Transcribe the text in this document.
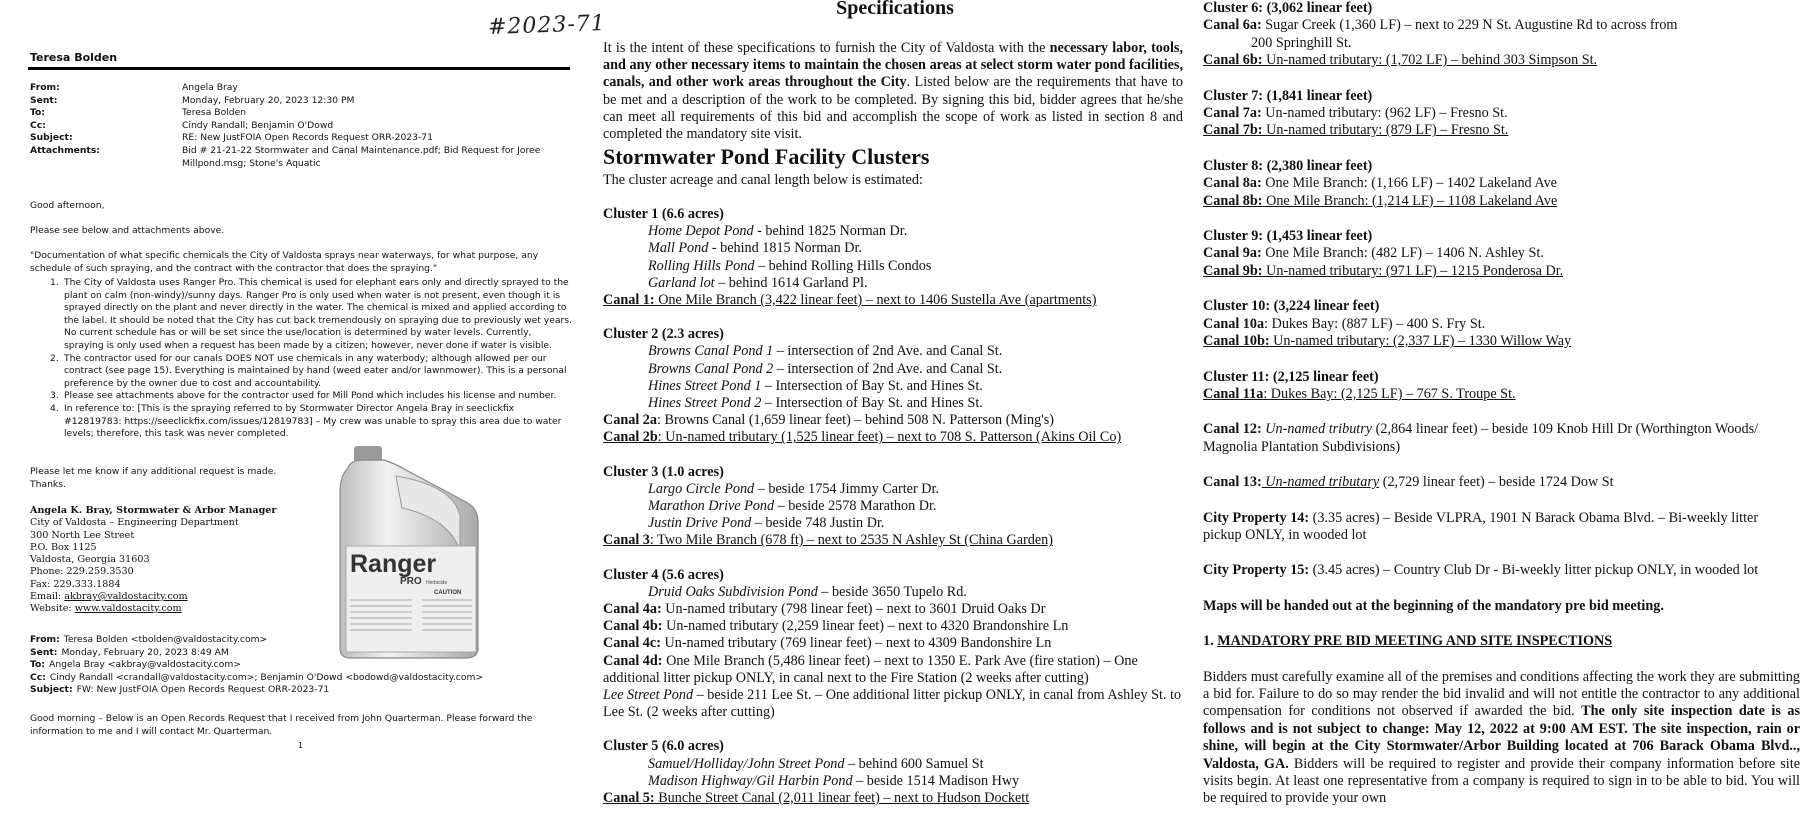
#2023-71
Teresa Bolden
From:	Angela Bray
Sent:	Monday, February 20, 2023 12:30 PM
To:	Teresa Bolden
Cc:	Cindy Randall; Benjamin O'Dowd
Subject:	RE: New JustFOIA Open Records Request ORR-2023-71
Attachments:	Bid # 21-21-22 Stormwater and Canal Maintenance.pdf; Bid Request for Joree Millpond.msg; Stone's Aquatic
Good afternoon,
Please see below and attachments above.
"Documentation of what specific chemicals the City of Valdosta sprays near waterways, for what purpose, any schedule of such spraying, and the contract with the contractor that does the spraying."
1. The City of Valdosta uses Ranger Pro. This chemical is used for elephant ears only and directly sprayed to the plant on calm (non-windy)/sunny days. Ranger Pro is only used when water is not present, even though it is sprayed directly on the plant and never directly in the water. The chemical is mixed and applied according to the label. It should be noted that the City has cut back tremendously on spraying due to previously wet years. No current schedule has or will be set since the use/location is determined by water levels. Currently, spraying is only used when a request has been made by a citizen; however, never done if water is visible.
2. The contractor used for our canals DOES NOT use chemicals in any waterbody; although allowed per our contract (see page 15). Everything is maintained by hand (weed eater and/or lawnmower). This is a personal preference by the owner due to cost and accountability.
3. Please see attachments above for the contractor used for Mill Pond which includes his license and number.
4. In reference to: [This is the spraying referred to by Stormwater Director Angela Bray in seeclickfix #12819783: https://seeclickfix.com/issues/12819783] – My crew was unable to spray this area due to water levels; therefore, this task was never completed.
Please let me know if any additional request is made.
Thanks.
Angela K. Bray, Stormwater & Arbor Manager
City of Valdosta – Engineering Department
300 North Lee Street
P.O. Box 1125
Valdosta, Georgia 31603
Phone: 229.259.3530
Fax: 229.333.1884
Email: akbray@valdostacity.com
Website: www.valdostacity.com
Ranger
PRO Herbicide
CAUTION
From: Teresa Bolden <tbolden@valdostacity.com>
Sent: Monday, February 20, 2023 8:49 AM
To: Angela Bray <akbray@valdostacity.com>
Cc: Cindy Randall <crandall@valdostacity.com>; Benjamin O'Dowd <bodowd@valdostacity.com>
Subject: FW: New JustFOIA Open Records Request ORR-2023-71
Good morning – Below is an Open Records Request that I received from John Quarterman. Please forward the information to me and I will contact Mr. Quarterman.
1
Specifications
It is the intent of these specifications to furnish the City of Valdosta with the necessary labor, tools, and any other necessary items to maintain the chosen areas at select storm water pond facilities, canals, and other work areas throughout the City. Listed below are the requirements that have to be met and a description of the work to be completed. By signing this bid, bidder agrees that he/she can meet all requirements of this bid and accomplish the scope of work as listed in section 8 and completed the mandatory site visit.
Stormwater Pond Facility Clusters
The cluster acreage and canal length below is estimated:
Cluster 1 (6.6 acres)
Home Depot Pond - behind 1825 Norman Dr.
Mall Pond - behind 1815 Norman Dr.
Rolling Hills Pond – behind Rolling Hills Condos
Garland lot – behind 1614 Garland Pl.
Canal 1: One Mile Branch (3,422 linear feet) – next to 1406 Sustella Ave (apartments)
Cluster 2 (2.3 acres)
Browns Canal Pond 1 – intersection of 2nd Ave. and Canal St.
Browns Canal Pond 2 – intersection of 2nd Ave. and Canal St.
Hines Street Pond 1 – Intersection of Bay St. and Hines St.
Hines Street Pond 2 – Intersection of Bay St. and Hines St.
Canal 2a: Browns Canal (1,659 linear feet) – behind 508 N. Patterson (Ming's)
Canal 2b: Un-named tributary (1,525 linear feet) – next to 708 S. Patterson (Akins Oil Co)
Cluster 3 (1.0 acres)
Largo Circle Pond – beside 1754 Jimmy Carter Dr.
Marathon Drive Pond – beside 2578 Marathon Dr.
Justin Drive Pond – beside 748 Justin Dr.
Canal 3: Two Mile Branch (678 ft) – next to 2535 N Ashley St (China Garden)
Cluster 4 (5.6 acres)
Druid Oaks Subdivision Pond – beside 3650 Tupelo Rd.
Canal 4a: Un-named tributary (798 linear feet) – next to 3601 Druid Oaks Dr
Canal 4b: Un-named tributary (2,259 linear feet) – next to 4320 Brandonshire Ln
Canal 4c: Un-named tributary (769 linear feet) – next to 4309 Bandonshire Ln
Canal 4d: One Mile Branch (5,486 linear feet) – next to 1350 E. Park Ave (fire station) – One additional litter pickup ONLY, in canal next to the Fire Station (2 weeks after cutting)
Lee Street Pond – beside 211 Lee St. – One additional litter pickup ONLY, in canal from Ashley St. to Lee St. (2 weeks after cutting)
Cluster 5 (6.0 acres)
Samuel/Holliday/John Street Pond – behind 600 Samuel St
Madison Highway/Gil Harbin Pond – beside 1514 Madison Hwy
Canal 5: Bunche Street Canal (2,011 linear feet) – next to Hudson Dockett
Cluster 6: (3,062 linear feet)
Canal 6a: Sugar Creek (1,360 LF) – next to 229 N St. Augustine Rd to across from
200 Springhill St.
Canal 6b: Un-named tributary: (1,702 LF) – behind 303 Simpson St.
Cluster 7: (1,841 linear feet)
Canal 7a: Un-named tributary: (962 LF) – Fresno St.
Canal 7b: Un-named tributary: (879 LF) – Fresno St.
Cluster 8: (2,380 linear feet)
Canal 8a: One Mile Branch: (1,166 LF) – 1402 Lakeland Ave
Canal 8b: One Mile Branch: (1,214 LF) – 1108 Lakeland Ave
Cluster 9: (1,453 linear feet)
Canal 9a: One Mile Branch: (482 LF) – 1406 N. Ashley St.
Canal 9b: Un-named tributary: (971 LF) – 1215 Ponderosa Dr.
Cluster 10: (3,224 linear feet)
Canal 10a: Dukes Bay: (887 LF) – 400 S. Fry St.
Canal 10b: Un-named tributary: (2,337 LF) – 1330 Willow Way
Cluster 11: (2,125 linear feet)
Canal 11a: Dukes Bay: (2,125 LF) – 767 S. Troupe St.
Canal 12: Un-named tributry (2,864 linear feet) – beside 109 Knob Hill Dr (Worthington Woods/ Magnolia Plantation Subdivisions)
Canal 13: Un-named tributary (2,729 linear feet) – beside 1724 Dow St
City Property 14: (3.35 acres) – Beside VLPRA, 1901 N Barack Obama Blvd. – Bi-weekly litter pickup ONLY, in wooded lot
City Property 15: (3.45 acres) – Country Club Dr - Bi-weekly litter pickup ONLY, in wooded lot
Maps will be handed out at the beginning of the mandatory pre bid meeting.
1. MANDATORY PRE BID MEETING AND SITE INSPECTIONS
Bidders must carefully examine all of the premises and conditions affecting the work they are submitting a bid for. Failure to do so may render the bid invalid and will not entitle the contractor to any additional compensation for conditions not observed if awarded the bid. The only site inspection date is as follows and is not subject to change: May 12, 2022 at 9:00 AM EST. The site inspection, rain or shine, will begin at the City Stormwater/Arbor Building located at 706 Barack Obama Blvd.., Valdosta, GA. Bidders will be required to register and provide their company information before site visits begin. At least one representative from a company is required to sign in to be able to bid. You will be required to provide your own
